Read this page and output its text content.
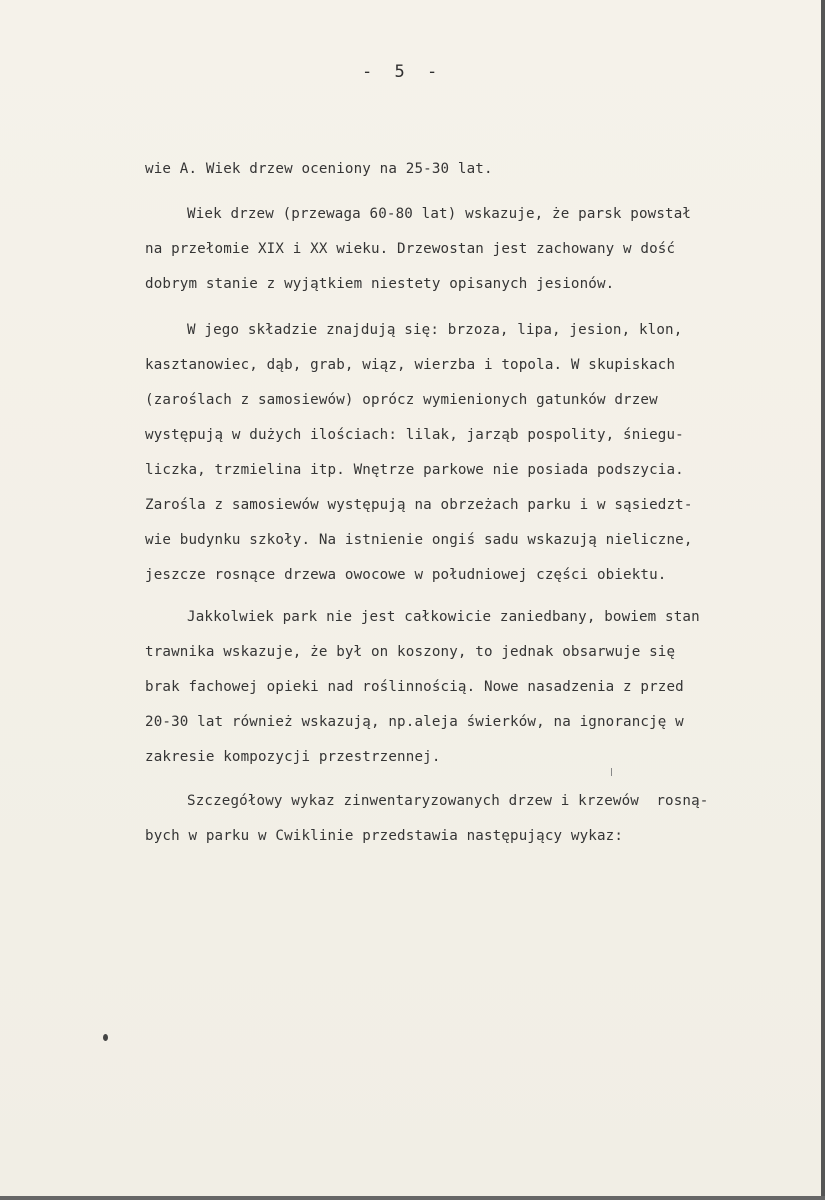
- 5 -
wie A. Wiek drzew oceniony na 25-30 lat.
Wiek drzew (przewaga 60-80 lat) wskazuje, że parsk powstał
na przełomie XIX i XX wieku. Drzewostan jest zachowany w dość
dobrym stanie z wyjątkiem niestety opisanych jesionów.
W jego składzie znajdują się: brzoza, lipa, jesion, klon,
kasztanowiec, dąb, grab, wiąz, wierzba i topola. W skupiskach
(zaroślach z samosiewów) oprócz wymienionych gatunków drzew
występują w dużych ilościach: lilak, jarząb pospolity, śniegu-
liczka, trzmielina itp. Wnętrze parkowe nie posiada podszycia.
Zarośla z samosiewów występują na obrzeżach parku i w sąsiedzt-
wie budynku szkoły. Na istnienie ongiś sadu wskazują nieliczne,
jeszcze rosnące drzewa owocowe w południowej części obiektu.
Jakkolwiek park nie jest całkowicie zaniedbany, bowiem stan
trawnika wskazuje, że był on koszony, to jednak obsarwuje się
brak fachowej opieki nad roślinnością. Nowe nasadzenia z przed
20-30 lat również wskazują, np.aleja świerków, na ignorancję w
zakresie kompozycji przestrzennej.
Szczegółowy wykaz zinwentaryzowanych drzew i krzewów  rosną-
bych w parku w Cwiklinie przedstawia następujący wykaz:
